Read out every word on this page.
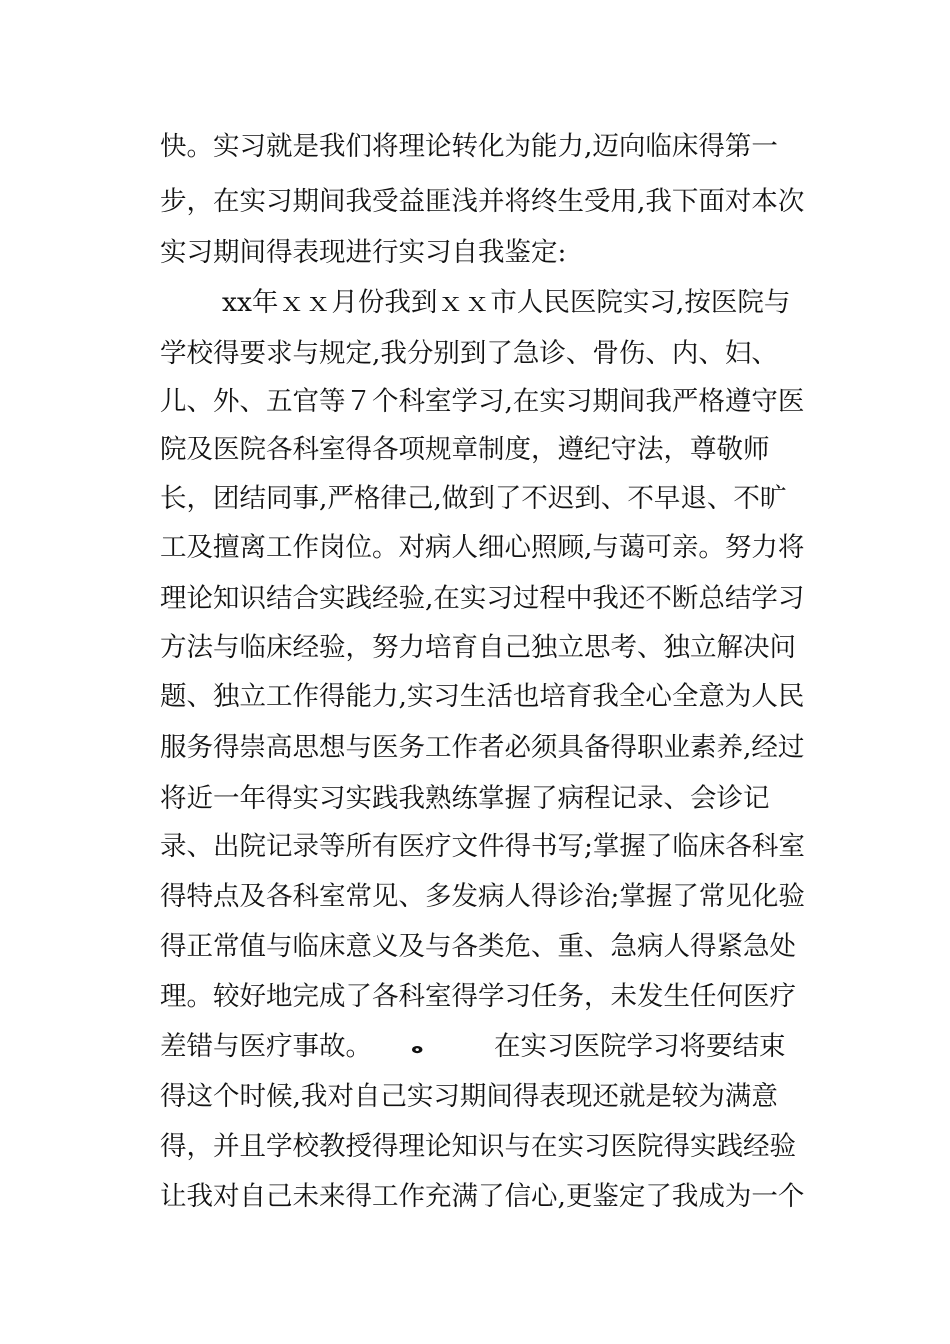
快。实习就是我们将理论转化为能力,迈向临床得第一
步，在实习期间我受益匪浅并将终生受用,我下面对本次
实习期间得表现进行实习自我鉴定:
xx年ｘｘ月份我到ｘｘ市人民医院实习,按医院与
学校得要求与规定,我分别到了急诊、骨伤、内、妇、
儿、外、五官等７个科室学习,在实习期间我严格遵守医
院及医院各科室得各项规章制度，遵纪守法，尊敬师
长，团结同事,严格律己,做到了不迟到、不早退、不旷
工及擅离工作岗位。对病人细心照顾,与蔼可亲。努力将
理论知识结合实践经验,在实习过程中我还不断总结学习
方法与临床经验，努力培育自己独立思考、独立解决问
题、独立工作得能力,实习生活也培育我全心全意为人民
服务得崇高思想与医务工作者必须具备得职业素养,经过
将近一年得实习实践我熟练掌握了病程记录、会诊记
录、出院记录等所有医疗文件得书写;掌握了临床各科室
得特点及各科室常见、多发病人得诊治;掌握了常见化验
得正常值与临床意义及与各类危、重、急病人得紧急处
理。较好地完成了各科室得学习任务，未发生任何医疗
差错与医疗事故。 ⴰ	在实习医院学习将要结束
得这个时候,我对自己实习期间得表现还就是较为满意
得，并且学校教授得理论知识与在实习医院得实践经验
让我对自己未来得工作充满了信心,更鉴定了我成为一个
